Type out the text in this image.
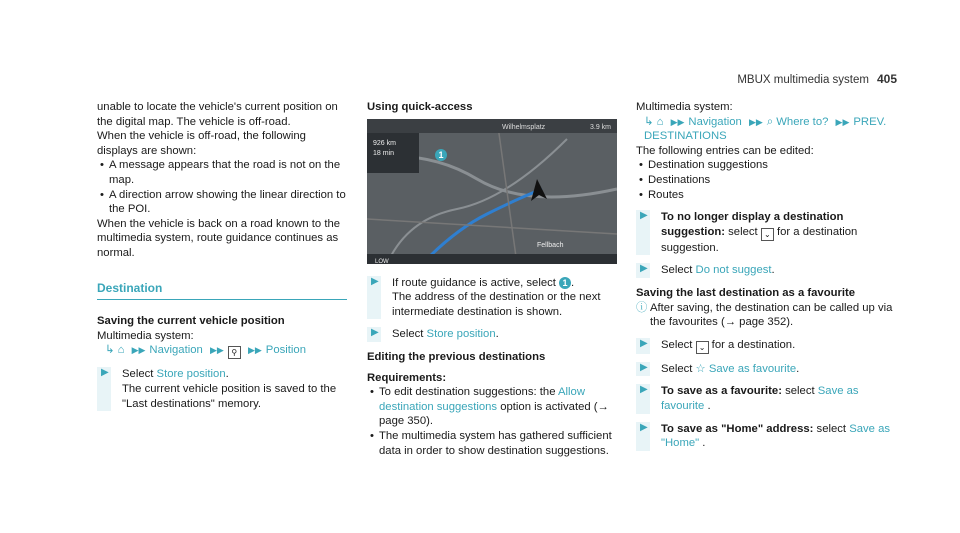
MBUX multimedia system 405

unable to locate the vehicle's current position on the digital map. The vehicle is off-road.

When the vehicle is off-road, the following displays are shown:

• A message appears that the road is not on the map.
• A direction arrow showing the linear direction to the POI.

When the vehicle is back on a road known to the multimedia system, route guidance continues as normal.

Destination

Saving the current vehicle position

Multimedia system:

↳ ⌂ ▶▶ Navigation ▶▶ ⚲ ▶▶ Position

▶ Select Store position.

The current vehicle position is saved to the "Last destinations" memory.

Using quick-access

Wilhelmsplatz	3.9 km
926 km
18 min
Fellbach
LOW
1
▶ If route guidance is active, select 1 .

The address of the destination or the next intermediate destination is shown.

▶ Select Store position.

Editing the previous destinations

Requirements:

• To edit destination suggestions: the Allow destination suggestions option is activated (→ page 350).
• The multimedia system has gathered sufficient data in order to show destination suggestions.

Multimedia system:

↳ ⌂ ▶▶ Navigation ▶▶ ⌕ Where to? ▶▶ PREV. DESTINATIONS

The following entries can be edited:

• Destination suggestions
• Destinations
• Routes
▶ To no longer display a destination suggestion: select ⌄ for a destination suggestion.
▶ Select Do not suggest.

Saving the last destination as a favourite

ⓘ After saving, the destination can be called up via the favourites (→ page 352).

▶ Select ⌄ for a destination.
▶ Select ☆ Save as favourite.
▶ To save as a favourite: select Save as favourite .
▶ To save as "Home" address: select Save as "Home" .
